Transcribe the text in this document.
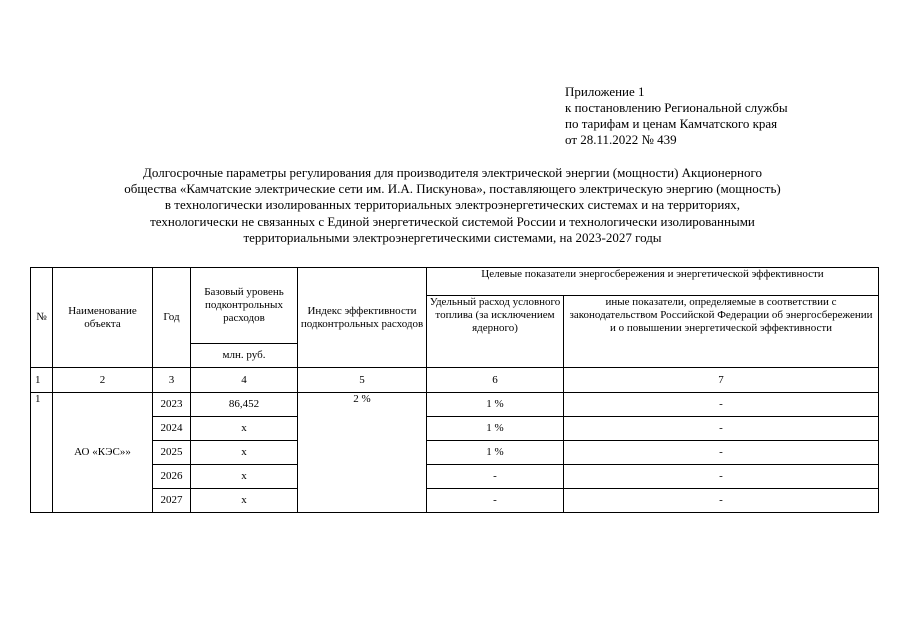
Приложение 1
к постановлению Региональной службы
по тарифам и ценам Камчатского края
от 28.11.2022 № 439
Долгосрочные параметры регулирования для производителя электрической энергии (мощности) Акционерного
общества «Камчатские электрические сети им. И.А. Пискунова», поставляющего электрическую энергию (мощность)
в технологически изолированных территориальных электроэнергетических системах и на территориях,
технологически не связанных с Единой энергетической системой России и технологически изолированными
территориальными электроэнергетическими системами, на 2023-2027 годы
№	Наименование объекта	Год	Базовый уровень подконтрольных расходов	Индекс эффективности подконтрольных расходов	Целевые показатели энергосбережения и энергетической эффективности	
					Удельный расход условного топлива (за исключением ядерного)	иные показатели, определяемые в соответствии с законодательством Российской Федерации об энергосбережении и о повышении энергетической эффективности
			млн. руб.			
1	2	3	4	5	6	7
1	АО «КЭС»»	2023	86,452	2 %	1 %	-
		2024	х		1 %	-
		2025	х		1 %	-
		2026	х		-	-
		2027	х		-	-
